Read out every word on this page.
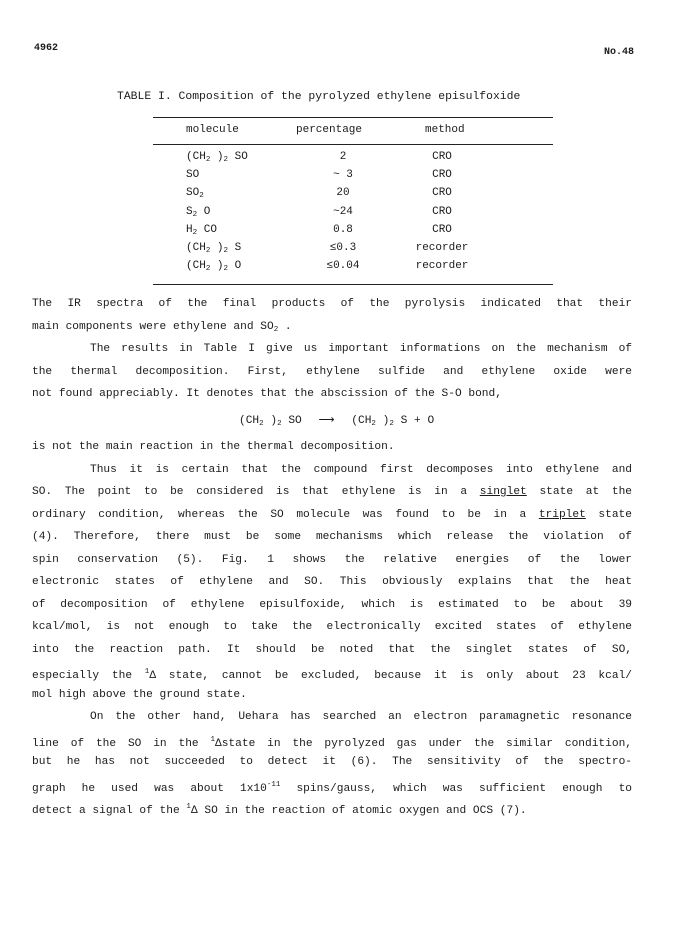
4962	No.48
TABLE I. Composition of the pyrolyzed ethylene episulfoxide
molecule	percentage	method
($CH_2$ )$_2$ SO	2	CRO
SO	~ 3	CRO
$SO_2$	20	CRO
$S_2$ O	~24	CRO
$H_2$ CO	0.8	CRO
($CH_2$ )$_2$ S	≤0.3	recorder
($CH_2$ )$_2$ O	≤0.04	recorder
The IR spectra of the final products of the pyrolysis indicated that their
main components were ethylene and $SO_2$ .
The results in Table I give us important informations on the mechanism of
the thermal decomposition. First, ethylene sulfide and ethylene oxide were
not found appreciably. It denotes that the abscission of the S-O bond,
($CH_2$ )$_2$ SO ⟶ ($CH_2$ )$_2$ S + O
is not the main reaction in the thermal decomposition.
Thus it is certain that the compound first decomposes into ethylene and
SO. The point to be considered is that ethylene is in a singlet state at the
ordinary condition, whereas the SO molecule was found to be in a triplet state
(4). Therefore, there must be some mechanisms which release the violation of
spin conservation (5). Fig. 1 shows the relative energies of the lower
electronic states of ethylene and SO. This obviously explains that the heat
of decomposition of ethylene episulfoxide, which is estimated to be about 39
kcal/mol, is not enough to take the electronically excited states of ethylene
into the reaction path. It should be noted that the singlet states of SO,
especially the $^1$Δ state, cannot be excluded, because it is only about 23 kcal/
mol high above the ground state.
On the other hand, Uehara has searched an electron paramagnetic resonance
line of the SO in the $^1$Δstate in the pyrolyzed gas under the similar condition,
but he has not succeeded to detect it (6). The sensitivity of the spectro-
graph he used was about $1x10^{-11}$ spins/gauss, which was sufficient enough to
detect a signal of the $^1$Δ SO in the reaction of atomic oxygen and OCS (7).
